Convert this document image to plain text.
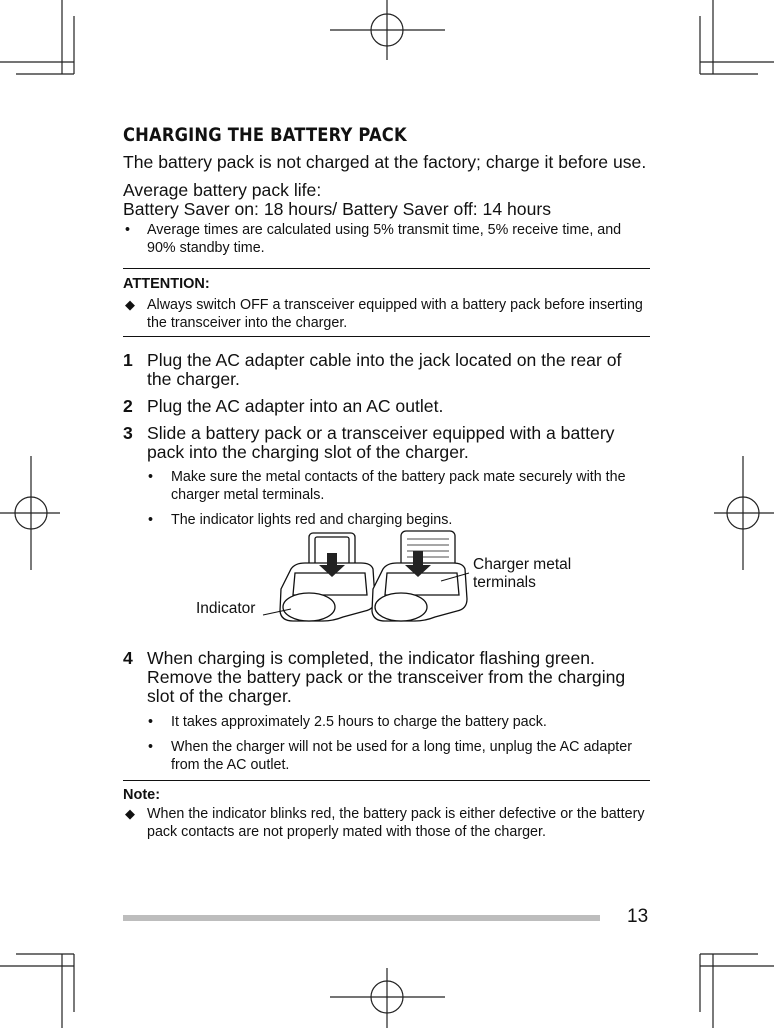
CHARGING THE BATTERY PACK
The battery pack is not charged at the factory; charge it before use.
Average battery pack life:
Battery Saver on: 18 hours/ Battery Saver off: 14 hours
• Average times are calculated using 5% transmit time, 5% receive time, and 90% standby time.
ATTENTION:
◆ Always switch OFF a transceiver equipped with a battery pack before inserting the transceiver into the charger.
1 Plug the AC adapter cable into the jack located on the rear of the charger.
2 Plug the AC adapter into an AC outlet.
3 Slide a battery pack or a transceiver equipped with a battery pack into the charging slot of the charger.
• Make sure the metal contacts of the battery pack mate securely with the charger metal terminals.
• The indicator lights red and charging begins.
Charger metal
terminals
Indicator
4 When charging is completed, the indicator flashing green. Remove the battery pack or the transceiver from the charging slot of the charger.
• It takes approximately 2.5 hours to charge the battery pack.
• When the charger will not be used for a long time, unplug the AC adapter from the AC outlet.
Note:
◆ When the indicator blinks red, the battery pack is either defective or the battery pack contacts are not properly mated with those of the charger.
13
